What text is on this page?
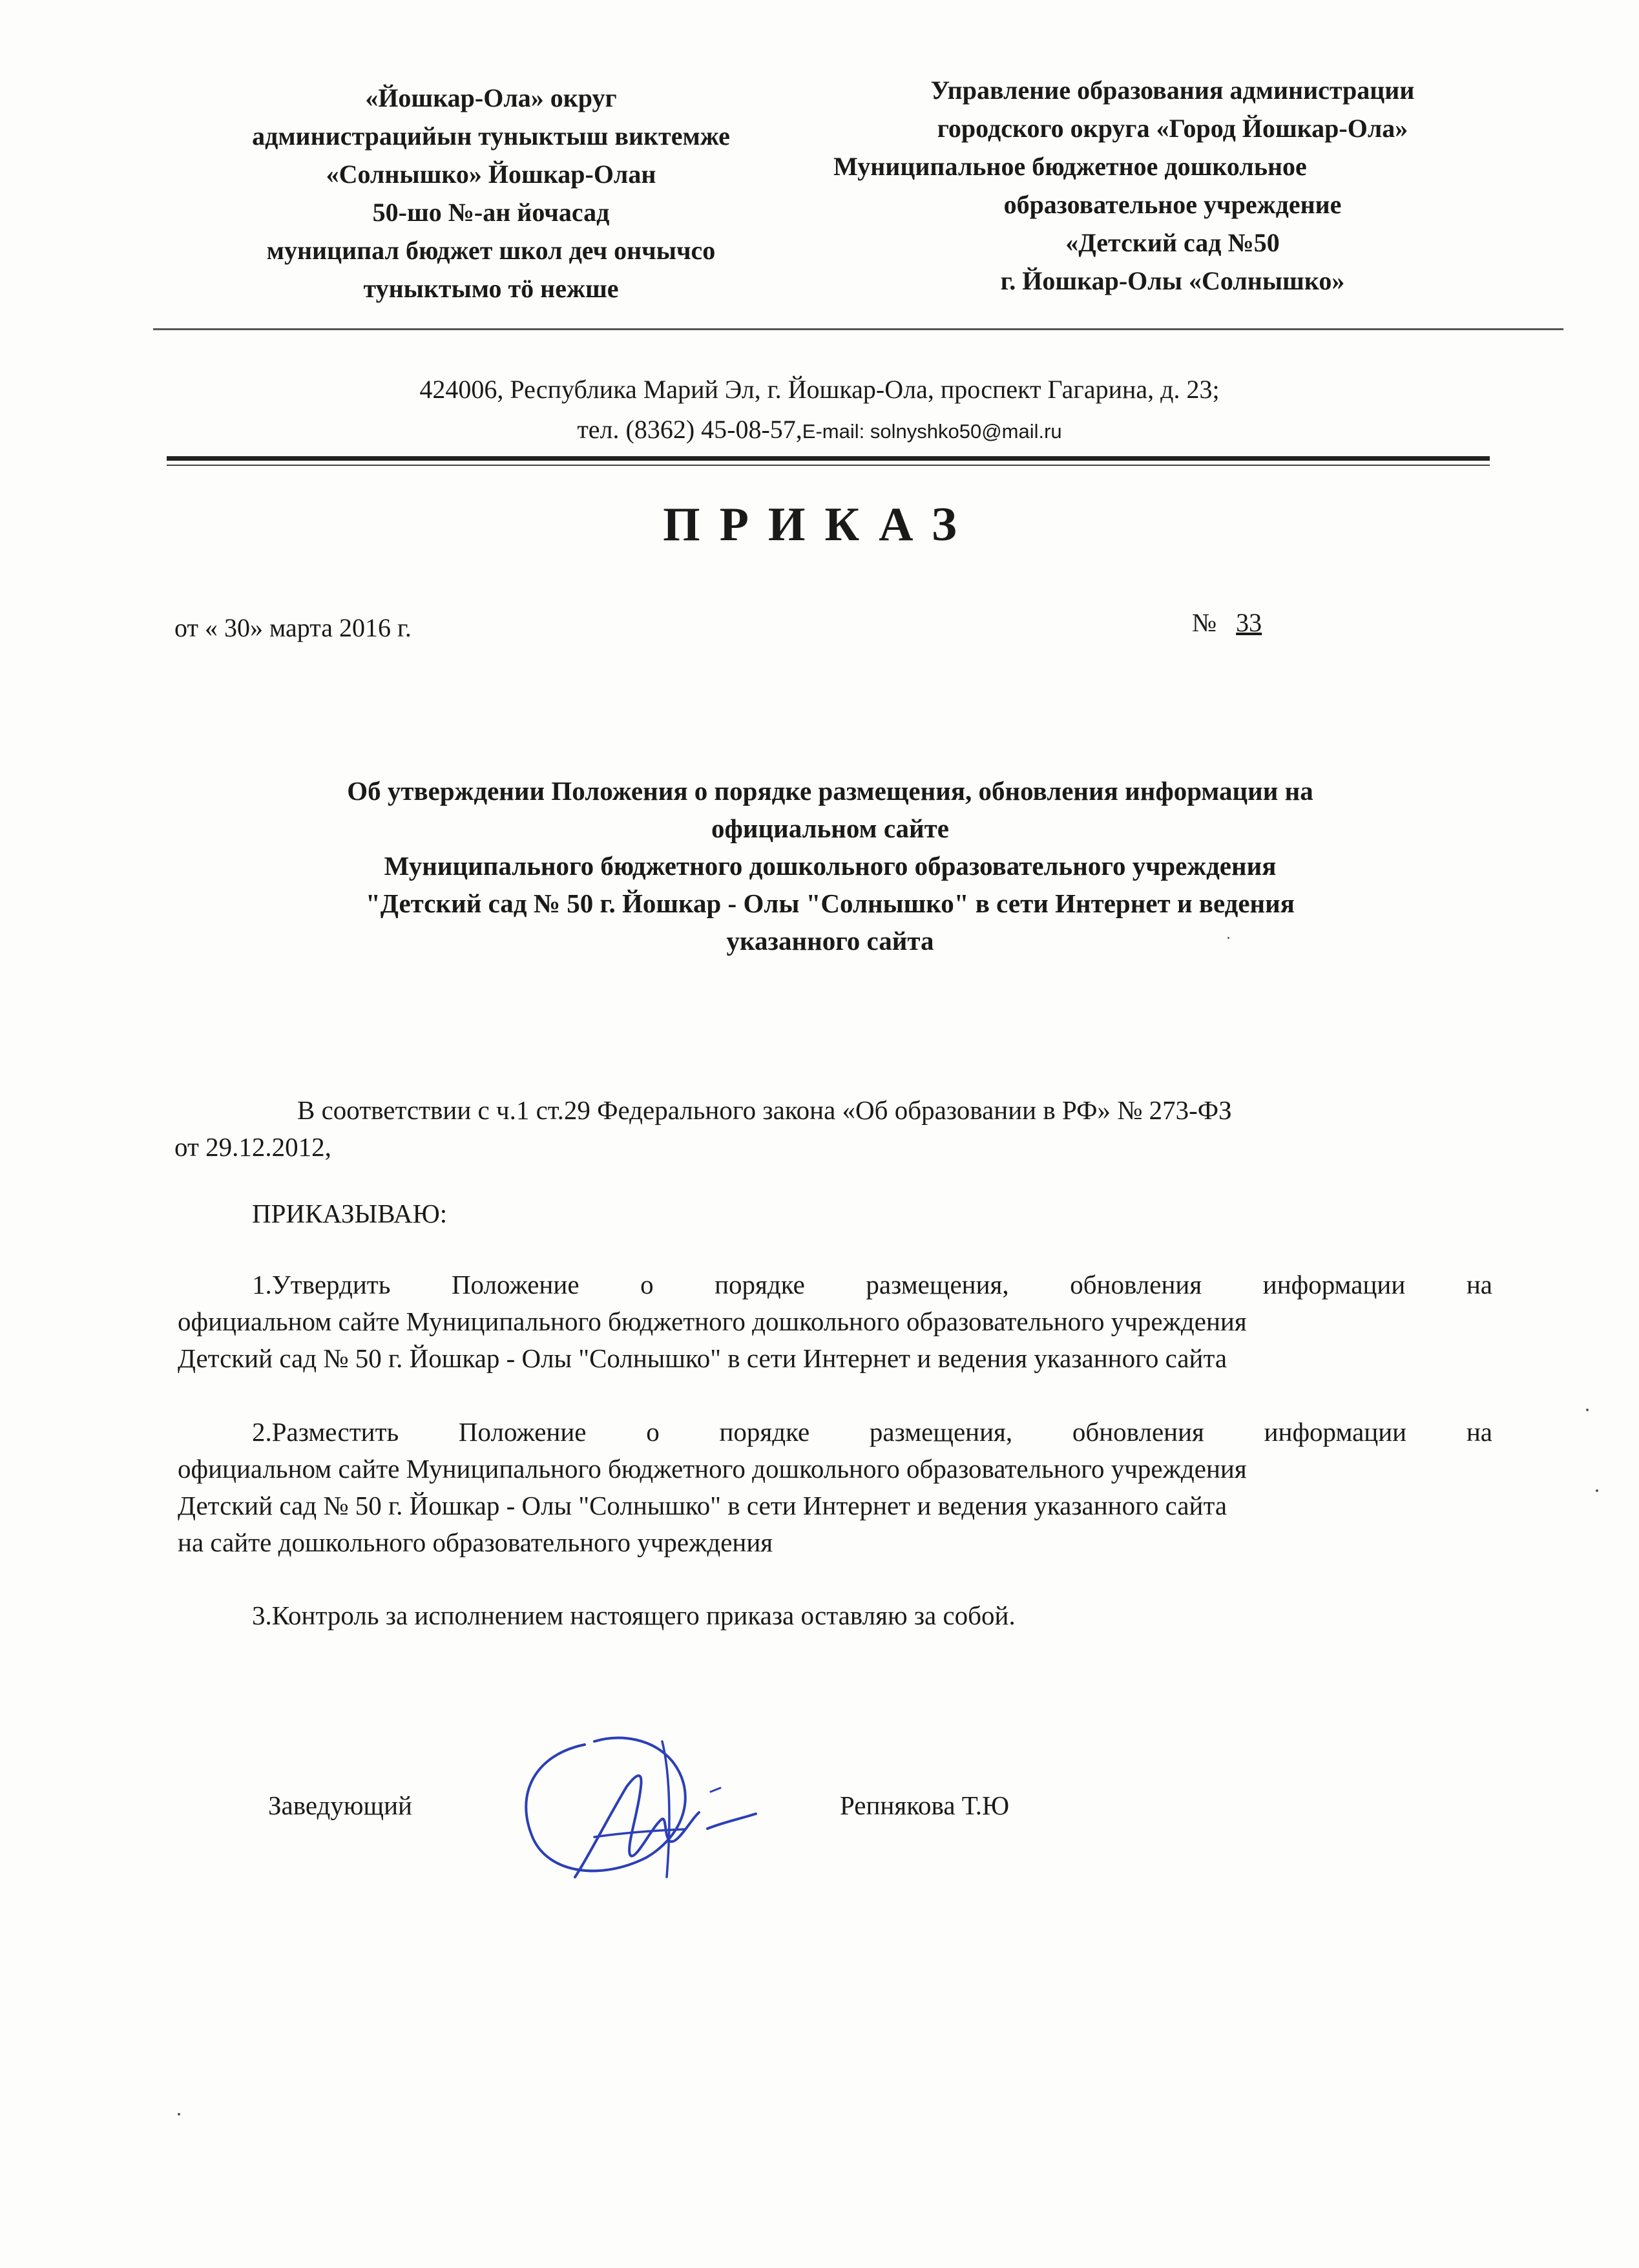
«Йошкар-Ола» округ
администрацийын туныктыш виктемже
«Солнышко» Йошкар-Олан
50-шо №-ан йочасад
муниципал бюджет школ деч ончычсо
туныктымо тӧ нежше
Управление образования администрации
городского округа «Город Йошкар-Ола»
Муниципальное бюджетное дошкольное
образовательное учреждение
«Детский сад №50
г. Йошкар-Олы «Солнышко»
424006, Республика Марий Эл, г. Йошкар-Ола, проспект Гагарина, д. 23;
тел. (8362) 45-08-57,E-mail: solnyshko50@mail.ru
ПРИКАЗ
от « 30» марта 2016 г.	№ 33
Об утверждении Положения о порядке размещения, обновления информации на
официальном сайте
Муниципального бюджетного дошкольного образовательного учреждения
"Детский сад № 50 г. Йошкар - Олы "Солнышко" в сети Интернет и ведения
указанного сайта
В соответствии с ч.1 ст.29 Федерального закона «Об образовании в РФ» № 273-ФЗ
от 29.12.2012,
ПРИКАЗЫВАЮ:
1.Утвердить Положение о порядке размещения, обновления информации на
официальном сайте Муниципального бюджетного дошкольного образовательного учреждения
Детский сад № 50 г. Йошкар - Олы "Солнышко" в сети Интернет и ведения указанного сайта
2.Разместить Положение о порядке размещения, обновления информации на
официальном сайте Муниципального бюджетного дошкольного образовательного учреждения
Детский сад № 50 г. Йошкар - Олы "Солнышко" в сети Интернет и ведения указанного сайта
на сайте дошкольного образовательного учреждения
3.Контроль за исполнением настоящего приказа оставляю за собой.
Заведующий	Репнякова Т.Ю
